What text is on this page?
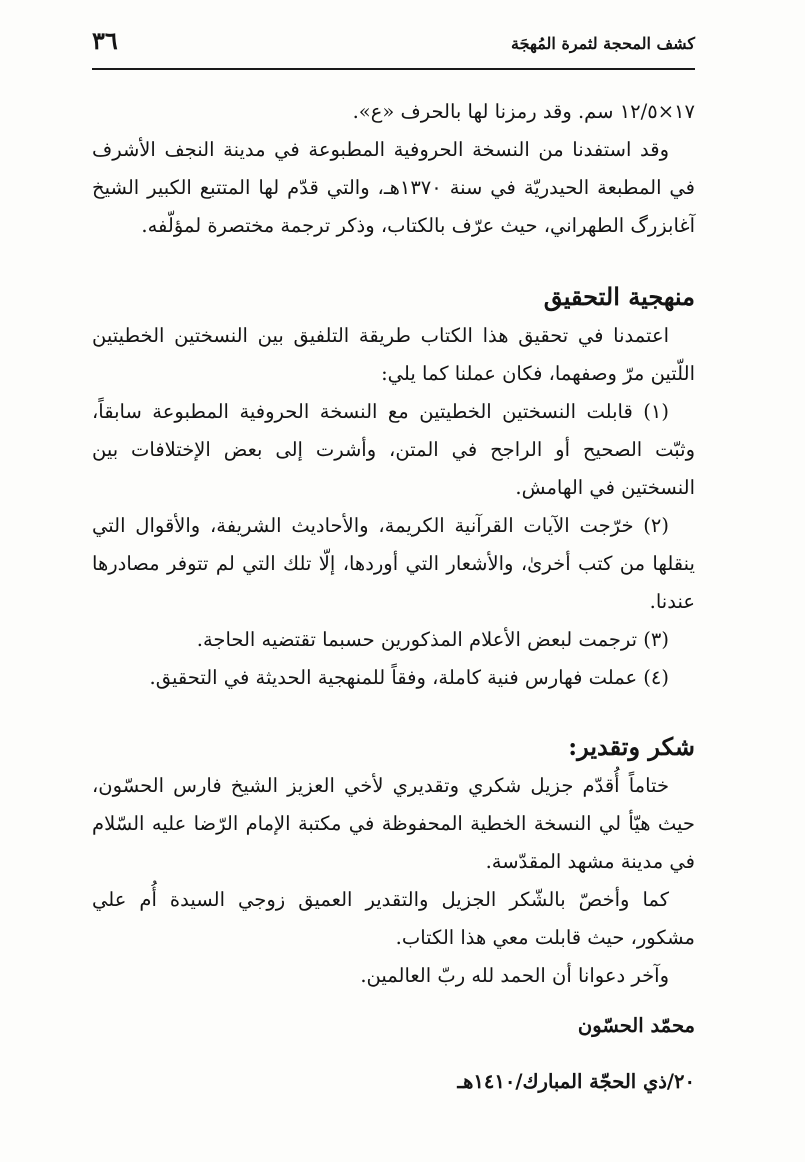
كشف المحجة لثمرة المُهجَة
٣٦

١٧×١٢/٥ سم. وقد رمزنا لها بالحرف «ع».

وقد استفدنا من النسخة الحروفية المطبوعة في مدينة النجف الأشرف في المطبعة الحيدريّة في سنة ١٣٧٠هـ، والتي قدّم لها المتتبع الكبير الشيخ آغابزرگ الطهراني، حيث عرّف بالكتاب، وذكر ترجمة مختصرة لمؤلّفه.

منهجية التحقيق

اعتمدنا في تحقيق هذا الكتاب طريقة التلفيق بين النسختين الخطيتين اللّتين مرّ وصفهما، فكان عملنا كما يلي:

(١) قابلت النسختين الخطيتين مع النسخة الحروفية المطبوعة سابقاً، وثبّت الصحيح أو الراجح في المتن، وأشرت إلى بعض الإختلافات بين النسختين في الهامش.

(٢) خرّجت الآيات القرآنية الكريمة، والأحاديث الشريفة، والأقوال التي ينقلها من كتب أخرىٰ، والأشعار التي أوردها، إلّا تلك التي لم تتوفر مصادرها عندنا.

(٣) ترجمت لبعض الأعلام المذكورين حسبما تقتضيه الحاجة.

(٤) عملت فهارس فنية كاملة، وفقاً للمنهجية الحديثة في التحقيق.

شكر وتقدير:

ختاماً أُقدّم جزيل شكري وتقديري لأخي العزيز الشيخ فارس الحسّون، حيث هيّأ لي النسخة الخطية المحفوظة في مكتبة الإمام الرّضا عليه السّلام في مدينة مشهد المقدّسة.

كما وأخصّ بالشّكر الجزيل والتقدير العميق زوجي السيدة أُم علي مشكور، حيث قابلت معي هذا الكتاب.

وآخر دعوانا أن الحمد لله ربّ العالمين.

محمّد الحسّون

٢٠/ذي الحجّة المبارك/١٤١٠هـ
